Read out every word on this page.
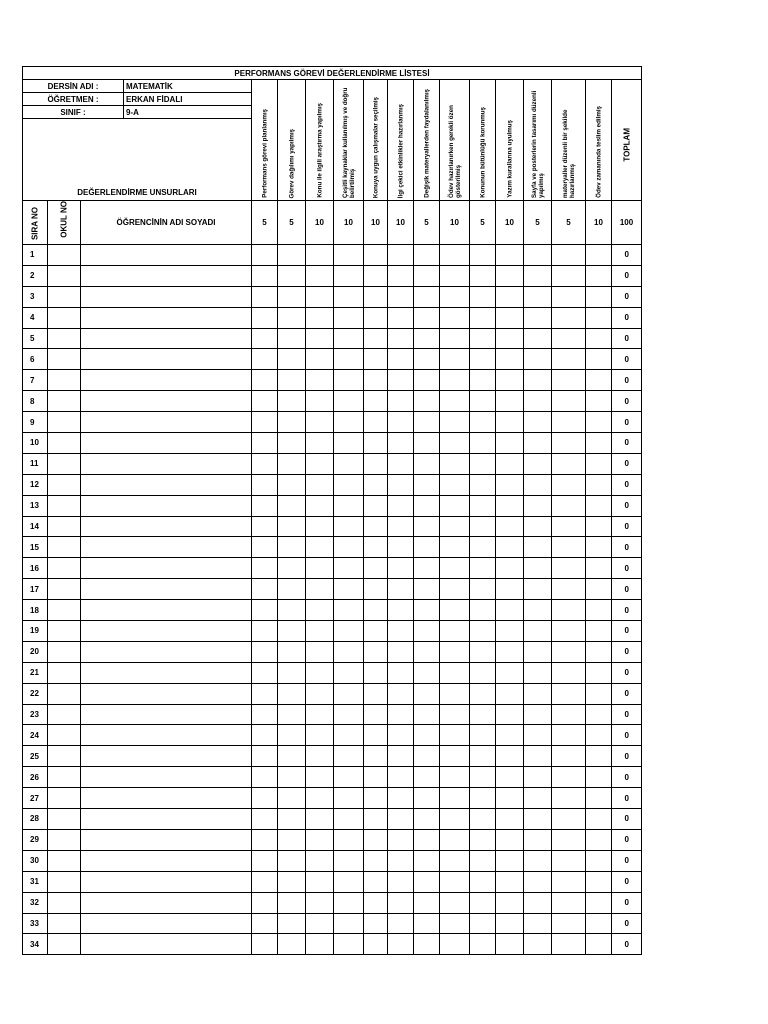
PERFORMANS GÖREVİ DEĞERLENDİRME LİSTESİ																	
DERSİN ADI :			MATEMATİK	Performans görevi planlanmış	Görev dağılımı yapılmış	Konu ile ilgili araştırma yapılmış	Çeşitli kaynaklar kullanılmış ve doğru belirtilmiş	Konuya uygun çalışmalar seçilmiş	İlgi çekici etkinlikler hazırlanmış	Değişik materyallerden faydalanılmış	Ödev hazırlanırken gerekli özen gösterilmiş	Konunun bütünlüğü korunmuş	Yazım kurallarına uyulmuş	Sayfa ve posterlerin tasarımı düzenli yapılmış	materyaller düzenli bir şekilde hazırlanmış	Ödev zamanında teslim edilmiş	TOPLAM

ÖĞRETMEN :			ERKAN FİDALI														
SINIF :			9-A														
DEĞERLENDİRME UNSURLARI																	

SIRA NO	OKUL NO	ÖĞRENCİNİN ADI SOYADI		5	5	10	10	10	10	5	10	5	10	5	5	10	100
1																	0
2																	0
3																	0
4																	0
5																	0
6																	0
7																	0
8																	0
9																	0
10																	0
11																	0
12																	0
13																	0
14																	0
15																	0
16																	0
17																	0
18																	0
19																	0
20																	0
21																	0
22																	0
23																	0
24																	0
25																	0
26																	0
27																	0
28																	0
29																	0
30																	0
31																	0
32																	0
33																	0
34																	0
